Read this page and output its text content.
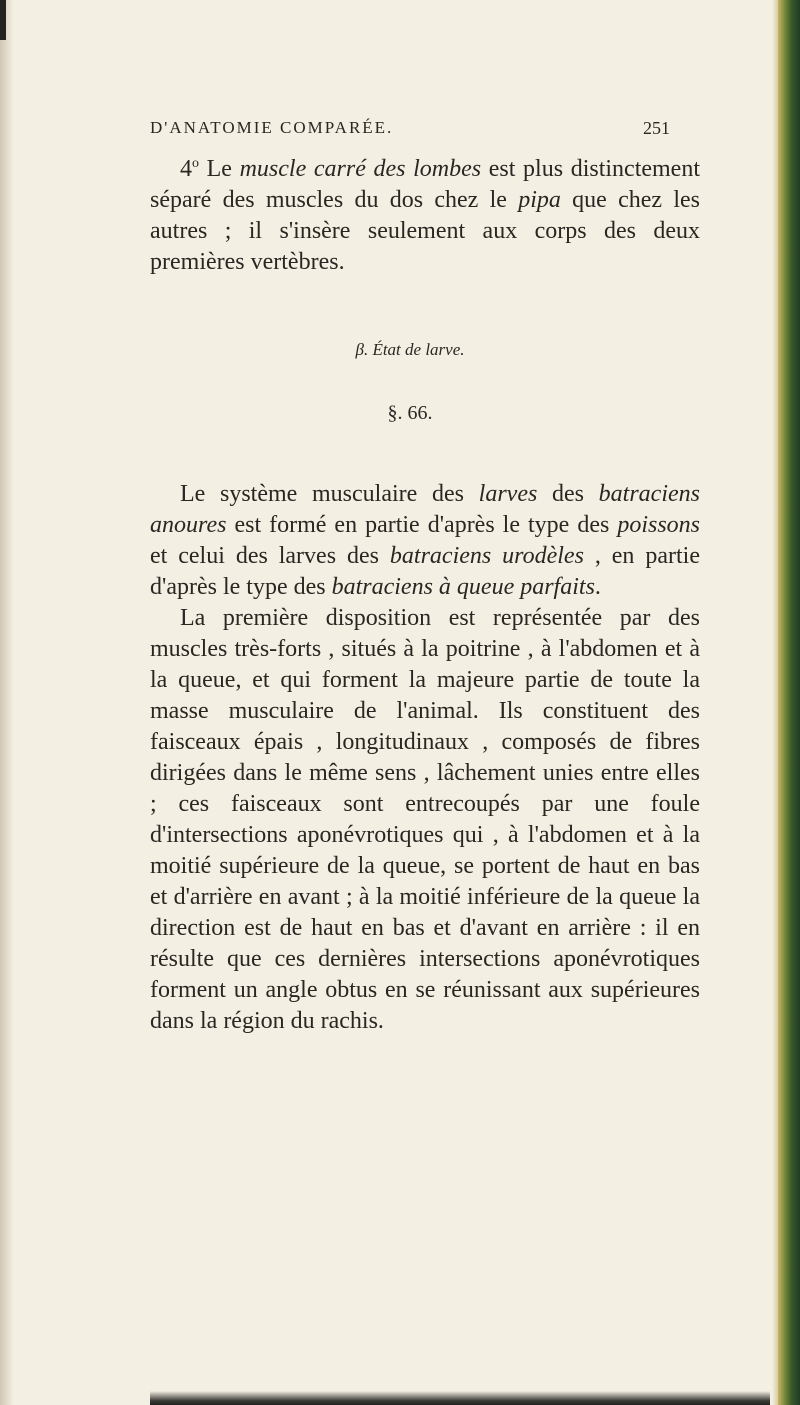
D'ANATOMIE COMPARÉE.	251

4$^o$ Le muscle carré des lombes est plus distinctement séparé des muscles du dos chez le pipa que chez les autres ; il s'insère seulement aux corps des deux premières vertèbres.

β. État de larve.
§. 66.

Le système musculaire des larves des batraciens anoures est formé en partie d'après le type des poissons et celui des larves des batraciens urodèles , en partie d'après le type des batraciens à queue parfaits.

La première disposition est représentée par des muscles très-forts , situés à la poitrine , à l'abdomen et à la queue, et qui forment la majeure partie de toute la masse musculaire de l'animal. Ils constituent des faisceaux épais , longitudinaux , composés de fibres dirigées dans le même sens , lâchement unies entre elles ; ces faisceaux sont entrecoupés par une foule d'intersections aponévrotiques qui , à l'abdomen et à la moitié supérieure de la queue, se portent de haut en bas et d'arrière en avant ; à la moitié inférieure de la queue la direction est de haut en bas et d'avant en arrière : il en résulte que ces dernières intersections aponévrotiques forment un angle obtus en se réunissant aux supérieures dans la région du rachis.
